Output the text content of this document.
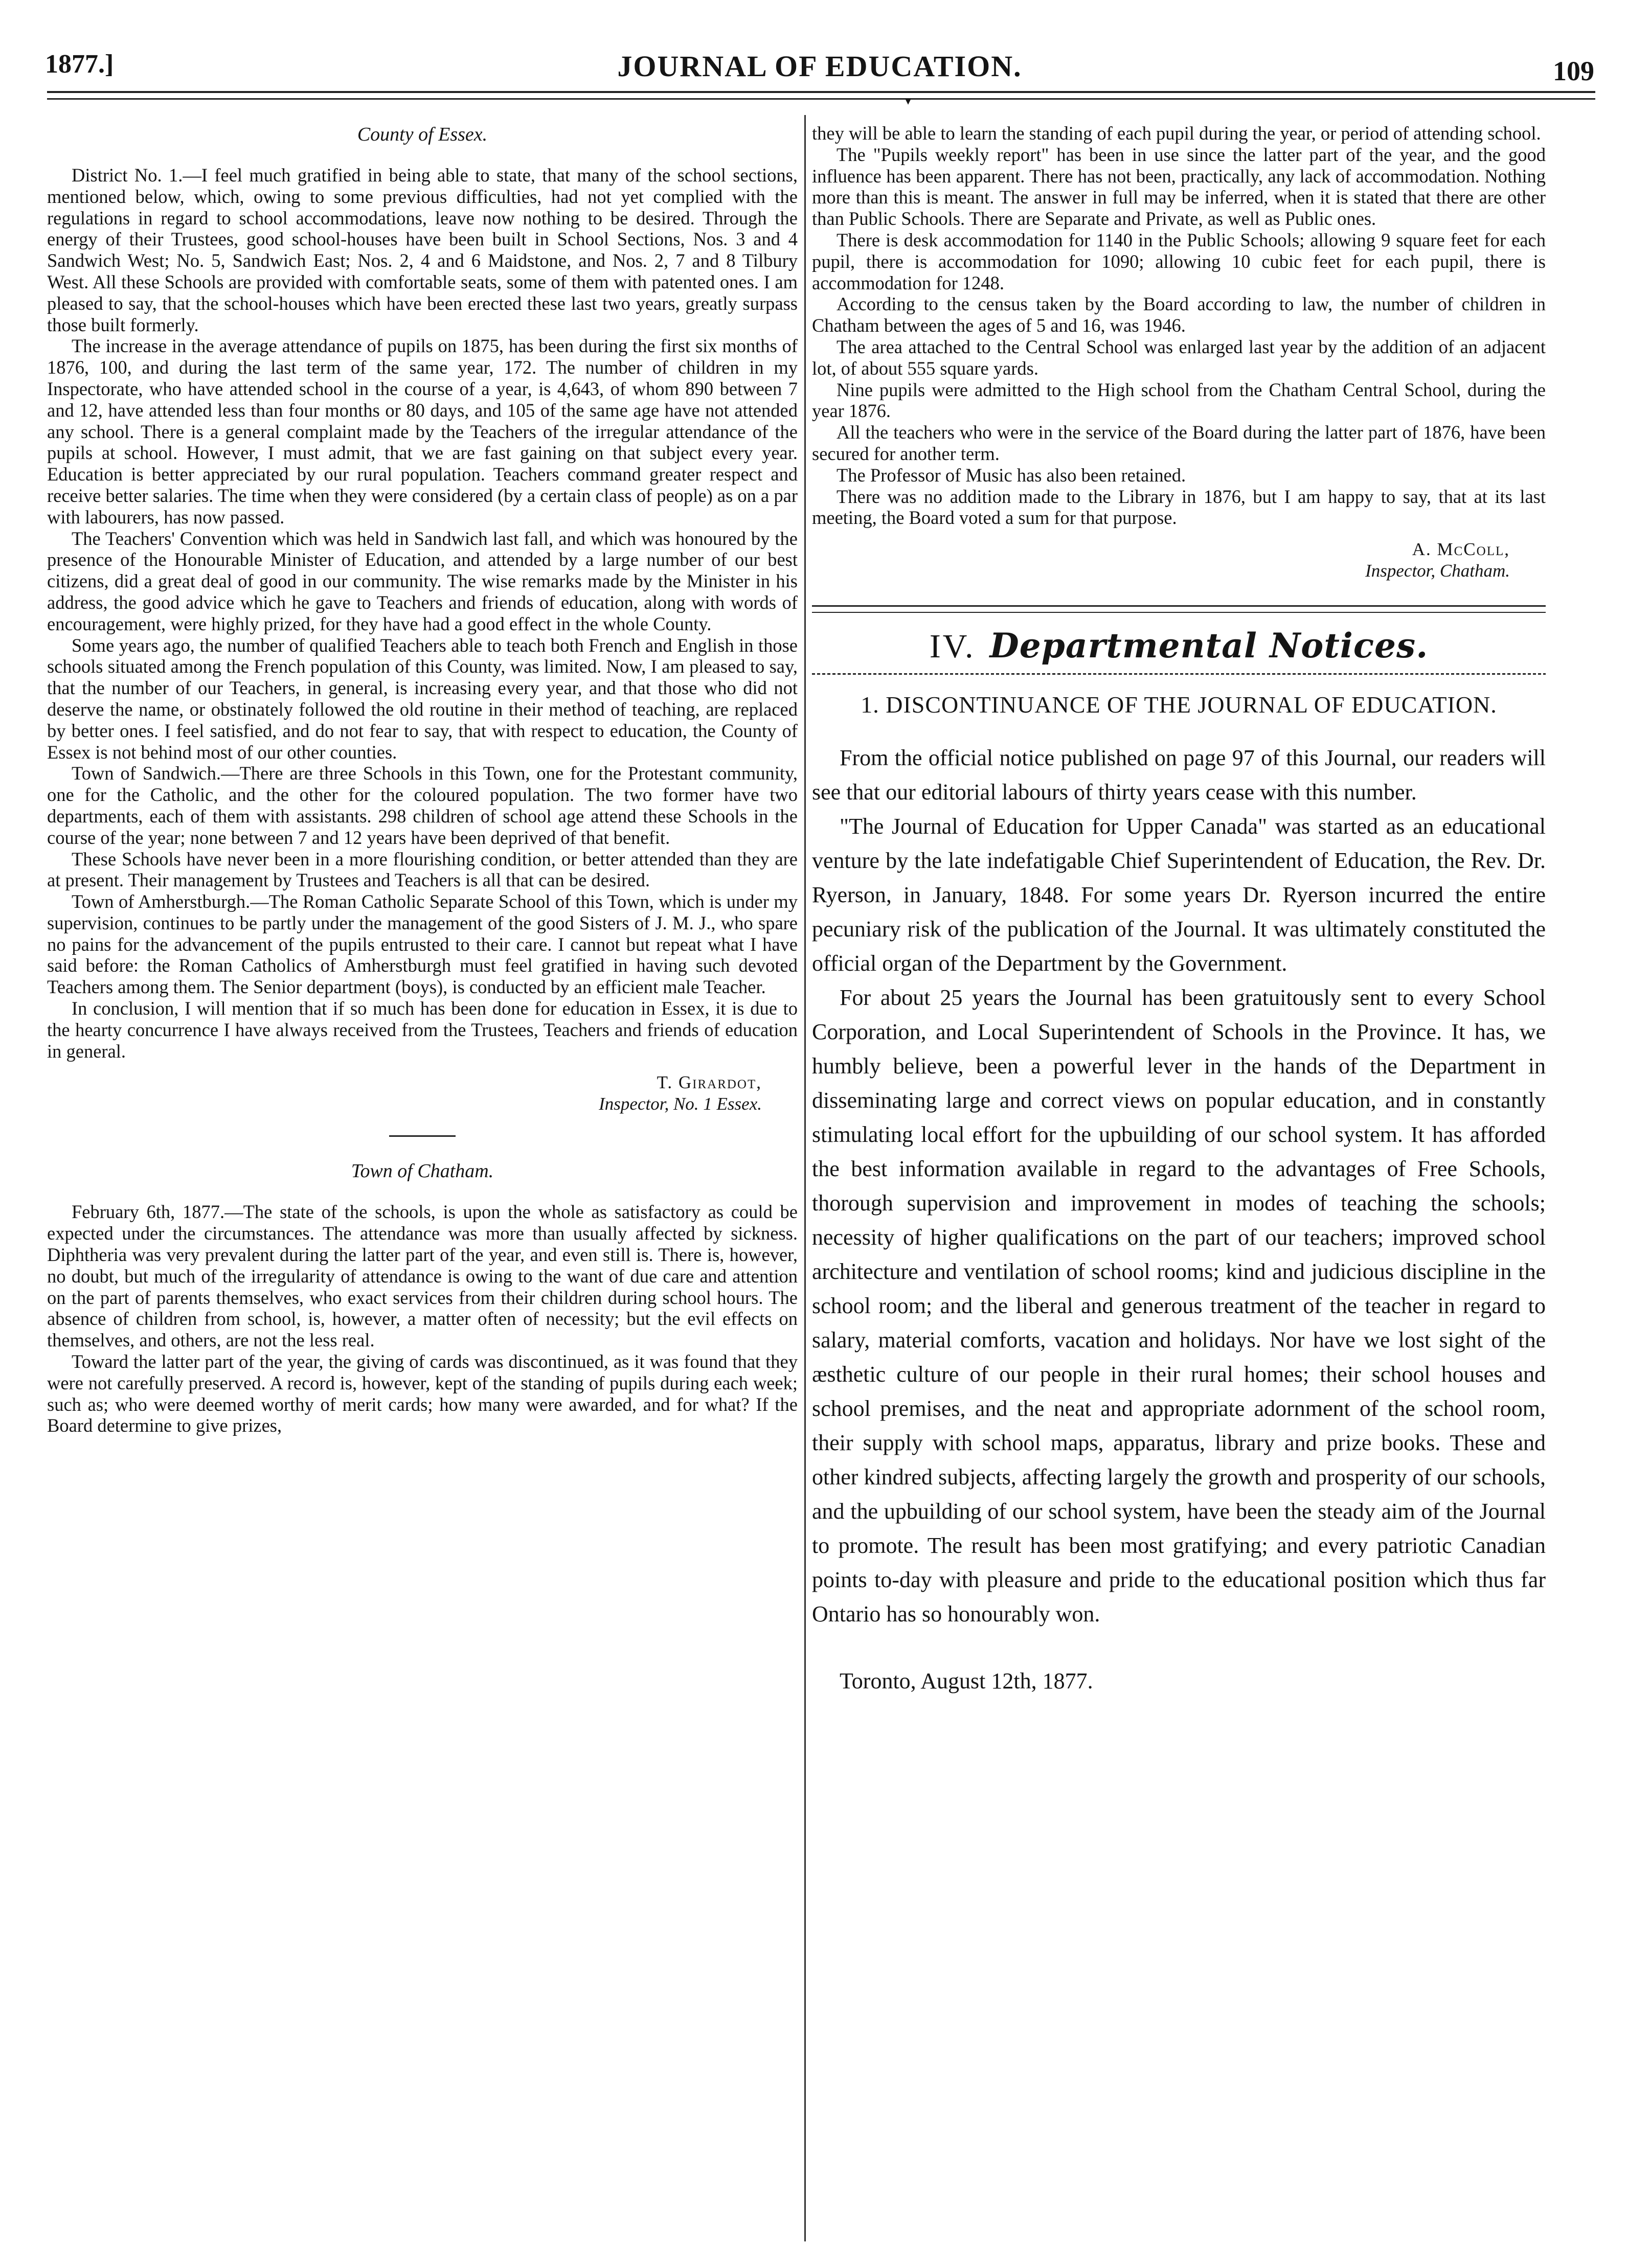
1877.]	JOURNAL OF EDUCATION.	109
▾
County of Essex.

District No. 1.—I feel much gratified in being able to state, that many of the school sections, mentioned below, which, owing to some previous difficulties, had not yet complied with the regulations in regard to school accommodations, leave now nothing to be desired. Through the energy of their Trustees, good school-houses have been built in School Sections, Nos. 3 and 4 Sandwich West; No. 5, Sandwich East; Nos. 2, 4 and 6 Maidstone, and Nos. 2, 7 and 8 Tilbury West. All these Schools are provided with comfortable seats, some of them with patented ones. I am pleased to say, that the school-houses which have been erected these last two years, greatly surpass those built formerly.

The increase in the average attendance of pupils on 1875, has been during the first six months of 1876, 100, and during the last term of the same year, 172. The number of children in my Inspectorate, who have attended school in the course of a year, is 4,643, of whom 890 between 7 and 12, have attended less than four months or 80 days, and 105 of the same age have not attended any school. There is a general complaint made by the Teachers of the irregular attendance of the pupils at school. However, I must admit, that we are fast gaining on that subject every year. Education is better appreciated by our rural population. Teachers command greater respect and receive better salaries. The time when they were considered (by a certain class of people) as on a par with labourers, has now passed.

The Teachers' Convention which was held in Sandwich last fall, and which was honoured by the presence of the Honourable Minister of Education, and attended by a large number of our best citizens, did a great deal of good in our community. The wise remarks made by the Minister in his address, the good advice which he gave to Teachers and friends of education, along with words of encouragement, were highly prized, for they have had a good effect in the whole County.

Some years ago, the number of qualified Teachers able to teach both French and English in those schools situated among the French population of this County, was limited. Now, I am pleased to say, that the number of our Teachers, in general, is increasing every year, and that those who did not deserve the name, or obstinately followed the old routine in their method of teaching, are replaced by better ones. I feel satisfied, and do not fear to say, that with respect to education, the County of Essex is not behind most of our other counties.

Town of Sandwich.—There are three Schools in this Town, one for the Protestant community, one for the Catholic, and the other for the coloured population. The two former have two departments, each of them with assistants. 298 children of school age attend these Schools in the course of the year; none between 7 and 12 years have been deprived of that benefit.

These Schools have never been in a more flourishing condition, or better attended than they are at present. Their management by Trustees and Teachers is all that can be desired.

Town of Amherstburgh.—The Roman Catholic Separate School of this Town, which is under my supervision, continues to be partly under the management of the good Sisters of J. M. J., who spare no pains for the advancement of the pupils entrusted to their care. I cannot but repeat what I have said before: the Roman Catholics of Amherstburgh must feel gratified in having such devoted Teachers among them. The Senior department (boys), is conducted by an efficient male Teacher.

In conclusion, I will mention that if so much has been done for education in Essex, it is due to the hearty concurrence I have always received from the Trustees, Teachers and friends of education in general.

T. Girardot,
Inspector, No. 1 Essex.
Town of Chatham.

February 6th, 1877.—The state of the schools, is upon the whole as satisfactory as could be expected under the circumstances. The attendance was more than usually affected by sickness. Diphtheria was very prevalent during the latter part of the year, and even still is. There is, however, no doubt, but much of the irregularity of attendance is owing to the want of due care and attention on the part of parents themselves, who exact services from their children during school hours. The absence of children from school, is, however, a matter often of necessity; but the evil effects on themselves, and others, are not the less real.

Toward the latter part of the year, the giving of cards was discontinued, as it was found that they were not carefully preserved. A record is, however, kept of the standing of pupils during each week; such as; who were deemed worthy of merit cards; how many were awarded, and for what? If the Board determine to give prizes,

they will be able to learn the standing of each pupil during the year, or period of attending school.

The "Pupils weekly report" has been in use since the latter part of the year, and the good influence has been apparent. There has not been, practically, any lack of accommodation. Nothing more than this is meant. The answer in full may be inferred, when it is stated that there are other than Public Schools. There are Separate and Private, as well as Public ones.

There is desk accommodation for 1140 in the Public Schools; allowing 9 square feet for each pupil, there is accommodation for 1090; allowing 10 cubic feet for each pupil, there is accommodation for 1248.

According to the census taken by the Board according to law, the number of children in Chatham between the ages of 5 and 16, was 1946.

The area attached to the Central School was enlarged last year by the addition of an adjacent lot, of about 555 square yards.

Nine pupils were admitted to the High school from the Chatham Central School, during the year 1876.

All the teachers who were in the service of the Board during the latter part of 1876, have been secured for another term.

The Professor of Music has also been retained.

There was no addition made to the Library in 1876, but I am happy to say, that at its last meeting, the Board voted a sum for that purpose.

A. McColl,
Inspector, Chatham.
IV. Departmental Notices.
1. DISCONTINUANCE OF THE JOURNAL OF EDUCATION.

From the official notice published on page 97 of this Journal, our readers will see that our editorial labours of thirty years cease with this number.

"The Journal of Education for Upper Canada" was started as an educational venture by the late indefatigable Chief Superintendent of Education, the Rev. Dr. Ryerson, in January, 1848. For some years Dr. Ryerson incurred the entire pecuniary risk of the publication of the Journal. It was ultimately constituted the official organ of the Department by the Government.

For about 25 years the Journal has been gratuitously sent to every School Corporation, and Local Superintendent of Schools in the Province. It has, we humbly believe, been a powerful lever in the hands of the Department in disseminating large and correct views on popular education, and in constantly stimulating local effort for the upbuilding of our school system. It has afforded the best information available in regard to the advantages of Free Schools, thorough supervision and improvement in modes of teaching the schools; necessity of higher qualifications on the part of our teachers; improved school architecture and ventilation of school rooms; kind and judicious discipline in the school room; and the liberal and generous treatment of the teacher in regard to salary, material comforts, vacation and holidays. Nor have we lost sight of the æsthetic culture of our people in their rural homes; their school houses and school premises, and the neat and appropriate adornment of the school room, their supply with school maps, apparatus, library and prize books. These and other kindred subjects, affecting largely the growth and prosperity of our schools, and the upbuilding of our school system, have been the steady aim of the Journal to promote. The result has been most gratifying; and every patriotic Canadian points to-day with pleasure and pride to the educational position which thus far Ontario has so honourably won.

Toronto, August 12th, 1877.
